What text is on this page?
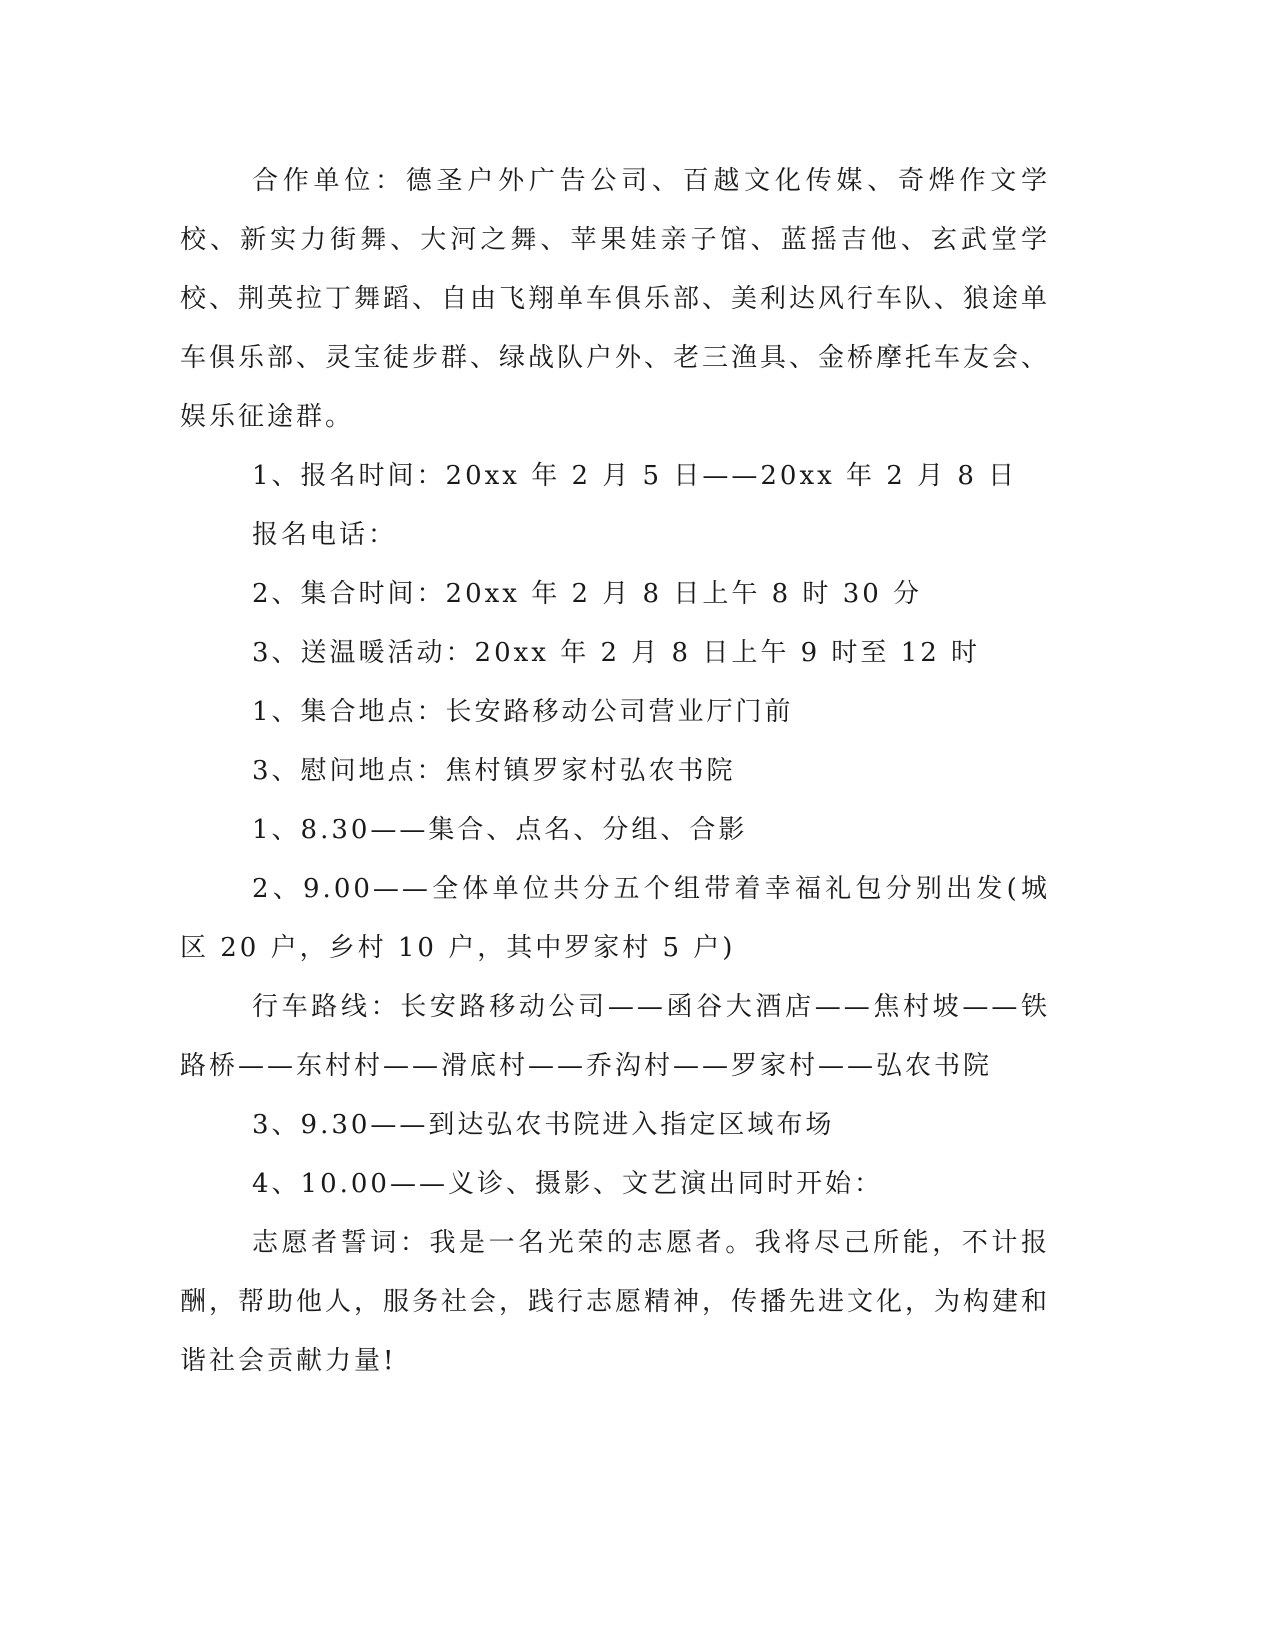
合作单位：德圣户外广告公司、百越文化传媒、奇烨作文学校、新实力街舞、大河之舞、苹果娃亲子馆、蓝摇吉他、玄武堂学校、荆英拉丁舞蹈、自由飞翔单车俱乐部、美利达风行车队、狼途单车俱乐部、灵宝徒步群、绿战队户外、老三渔具、金桥摩托车友会、娱乐征途群。

1、报名时间：20xx 年 2 月 5 日——20xx 年 2 月 8 日

报名电话：

2、集合时间：20xx 年 2 月 8 日上午 8 时 30 分

3、送温暖活动：20xx 年 2 月 8 日上午 9 时至 12 时

1、集合地点：长安路移动公司营业厅门前

3、慰问地点：焦村镇罗家村弘农书院

1、8.30——集合、点名、分组、合影

2、9.00——全体单位共分五个组带着幸福礼包分别出发(城区 20 户，乡村 10 户，其中罗家村 5 户)

行车路线：长安路移动公司——函谷大酒店——焦村坡——铁路桥——东村村——滑底村——乔沟村——罗家村——弘农书院

3、9.30——到达弘农书院进入指定区域布场

4、10.00——义诊、摄影、文艺演出同时开始：

志愿者誓词：我是一名光荣的志愿者。我将尽己所能，不计报酬，帮助他人，服务社会，践行志愿精神，传播先进文化，为构建和谐社会贡献力量!
